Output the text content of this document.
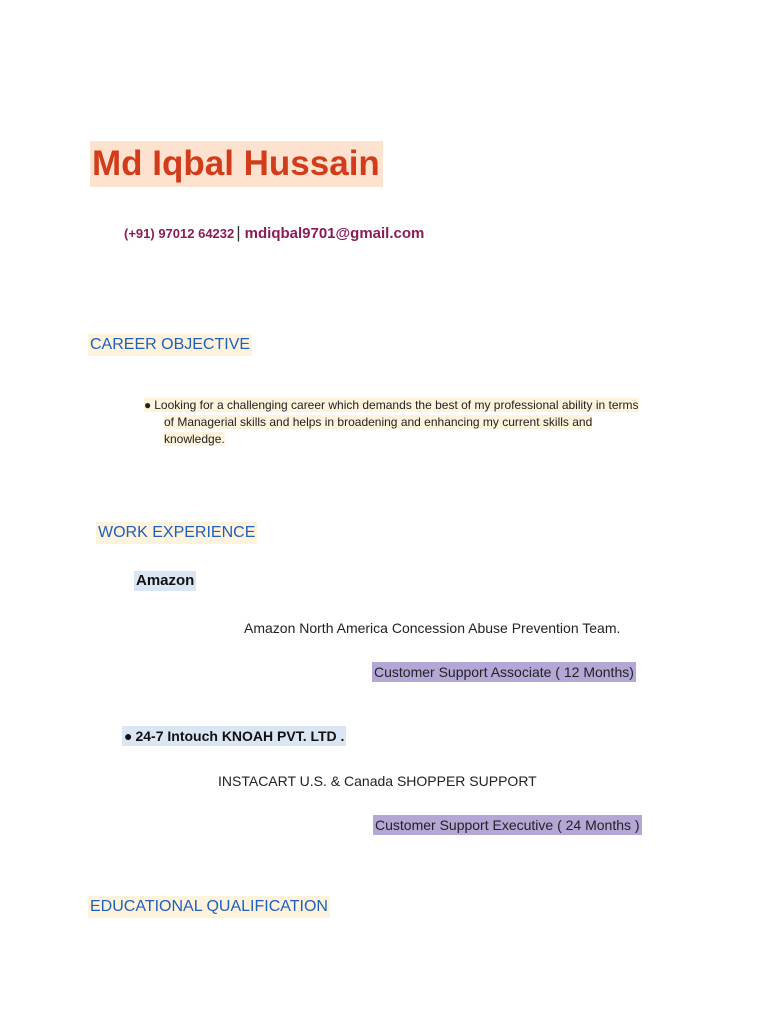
Md Iqbal Hussain
(+91) 97012 64232 | mdiqbal9701@gmail.com
CAREER OBJECTIVE
● Looking for a challenging career which demands the best of my professional ability in terms
of Managerial skills and helps in broadening and enhancing my current skills and
knowledge.
WORK EXPERIENCE
Amazon
Amazon North America Concession Abuse Prevention Team.
Customer Support Associate ( 12 Months)
● 24-7 Intouch KNOAH PVT. LTD .
INSTACART U.S. & Canada SHOPPER SUPPORT
Customer Support Executive ( 24 Months )
EDUCATIONAL QUALIFICATION
